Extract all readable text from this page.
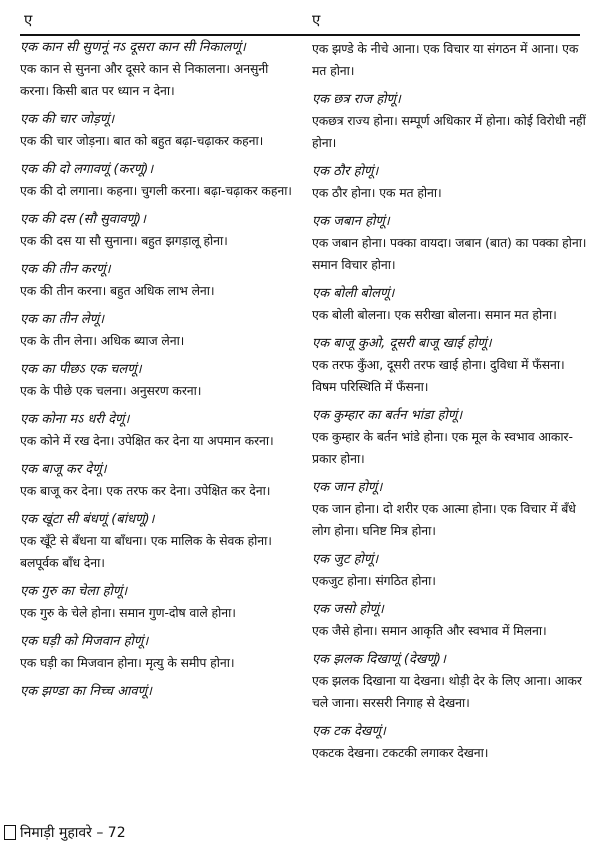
ए	ए

एक कान सी सुणनूं नऽ दूसरा कान सी निकालणूं।

एक कान से सुनना और दूसरे कान से निकालना। अनसुनी करना। किसी बात पर ध्यान न देना।

एक की चार जोड़णूं।

एक की चार जोड़ना। बात को बहुत बढ़ा-चढ़ाकर कहना।

एक की दो लगावणूं (करणूं)।

एक की दो लगाना। कहना। चुगली करना। बढ़ा-चढ़ाकर कहना।

एक की दस (सौ सुवावणूं)।

एक की दस या सौ सुनाना। बहुत झगड़ालू होना।

एक की तीन करणूं।

एक की तीन करना। बहुत अधिक लाभ लेना।

एक का तीन लेणूं।

एक के तीन लेना। अधिक ब्याज लेना।

एक का पीछऽ एक चलणूं।

एक के पीछे एक चलना। अनुसरण करना।

एक कोना मऽ धरी देणूं।

एक कोने में रख देना। उपेक्षित कर देना या अपमान करना।

एक बाजू कर देणूं।

एक बाजू कर देना। एक तरफ कर देना। उपेक्षित कर देना।

एक खूंटा सी बंधणूं (बांधणूं)।

एक खूँटे से बँधना या बाँधना। एक मालिक के सेवक होना। बलपूर्वक बाँध देना।

एक गुरु का चेला होणूं।

एक गुरु के चेले होना। समान गुण-दोष वाले होना।

एक घड़ी को मिजवान होणूं।

एक घड़ी का मिजवान होना। मृत्यु के समीप होना।

एक झण्डा का निच्च आवणूं।

एक झण्डे के नीचे आना। एक विचार या संगठन में आना। एक मत होना।

एक छत्र राज होणूं।

एकछत्र राज्य होना। सम्पूर्ण अधिकार में होना। कोई विरोधी नहीं होना।

एक ठौर होणूं।

एक ठौर होना। एक मत होना।

एक जबान होणूं।

एक जबान होना। पक्का वायदा। जबान (बात) का पक्का होना। समान विचार होना।

एक बोली बोलणूं।

एक बोली बोलना। एक सरीखा बोलना। समान मत होना।

एक बाजू कुओ, दूसरी बाजू खाई होणूं।

एक तरफ कुँआ, दूसरी तरफ खाई होना। दुविधा में फँसना। विषम परिस्थिति में फँसना।

एक कुम्हार का बर्तन भांडा होणूं।

एक कुम्हार के बर्तन भांडे होना। एक मूल के स्वभाव आकार-प्रकार होना।

एक जान होणूं।

एक जान होना। दो शरीर एक आत्मा होना। एक विचार में बँधे लोग होना। घनिष्ट मित्र होना।

एक जुट होणूं।

एकजुट होना। संगठित होना।

एक जसो होणूं।

एक जैसे होना। समान आकृति और स्वभाव में मिलना।

एक झलक दिखाणूं (देखणूं)।

एक झलक दिखाना या देखना। थोड़ी देर के लिए आना। आकर चले जाना। सरसरी निगाह से देखना।

एक टक देखणूं।

एकटक देखना। टकटकी लगाकर देखना।

निमाड़ी मुहावरे – 72
